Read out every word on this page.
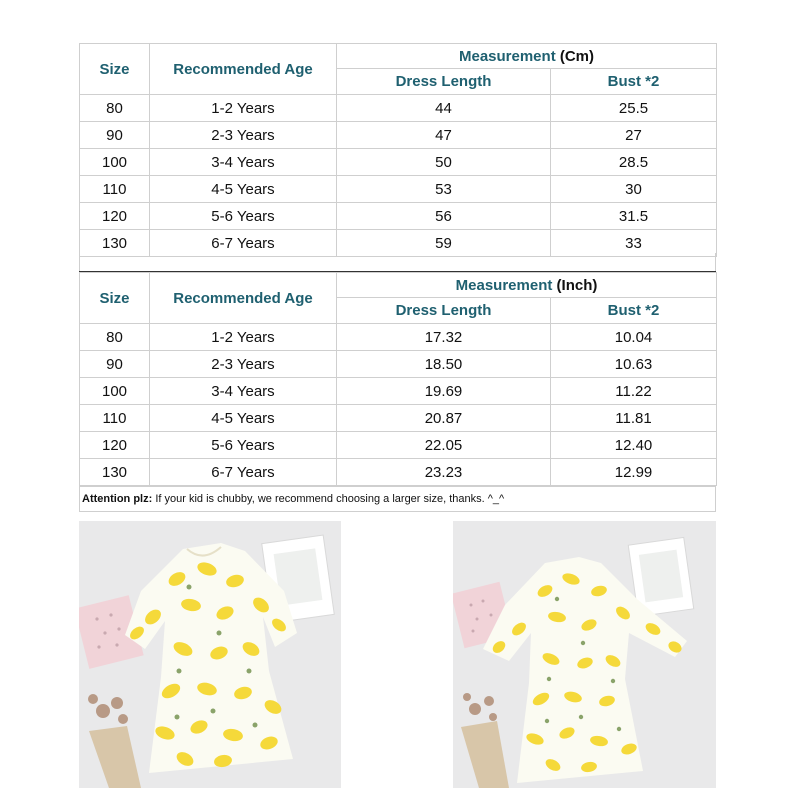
Size	Recommended Age	Measurement (Cm)	
		Dress Length	Bust *2
80	1-2 Years	44	25.5
90	2-3 Years	47	27
100	3-4 Years	50	28.5
110	4-5 Years	53	30
120	5-6 Years	56	31.5
130	6-7 Years	59	33
Size	Recommended Age	Measurement (Inch)	
		Dress Length	Bust *2
80	1-2 Years	17.32	10.04
90	2-3 Years	18.50	10.63
100	3-4 Years	19.69	11.22
110	4-5 Years	20.87	11.81
120	5-6 Years	22.05	12.40
130	6-7 Years	23.23	12.99
Attention plz: If your kid is chubby, we recommend choosing a larger size, thanks. ^_^
